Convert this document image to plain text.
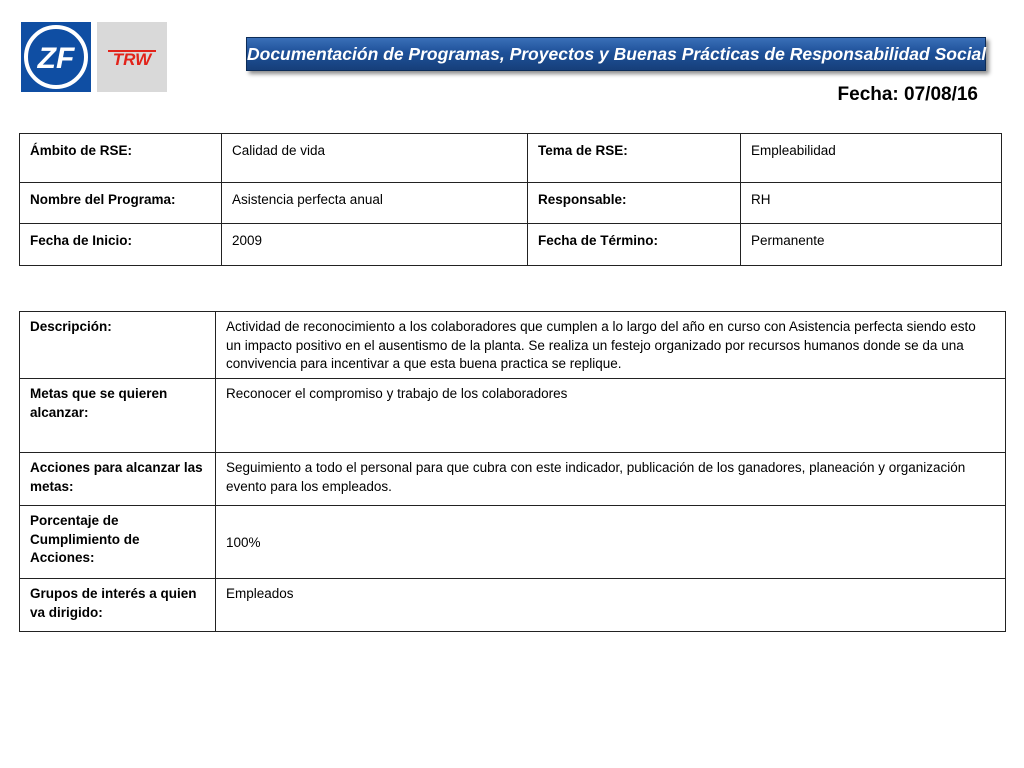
ZF TRW	Documentación de Programas, Proyectos y Buenas Prácticas de Responsabilidad Social
Fecha: 07/08/16
Ámbito de RSE:	Calidad de vida	Tema de RSE:	Empleabilidad
Nombre del Programa:	Asistencia perfecta anual	Responsable:	RH
Fecha de Inicio:	2009	Fecha de Término:	Permanente
Descripción:	Actividad de reconocimiento a los colaboradores que cumplen a lo largo del año en curso con Asistencia perfecta siendo esto un impacto positivo en el ausentismo de la planta. Se realiza un festejo organizado por recursos humanos donde se da una convivencia para incentivar a que esta buena practica se replique.
Metas que se quieren alcanzar:	Reconocer el compromiso y trabajo de los colaboradores
Acciones para alcanzar las metas:	Seguimiento a todo el personal para que cubra con este indicador, publicación de los ganadores, planeación y organización evento para los empleados.
Porcentaje de Cumplimiento de Acciones:	100%
Grupos de interés a quien va dirigido:	Empleados
